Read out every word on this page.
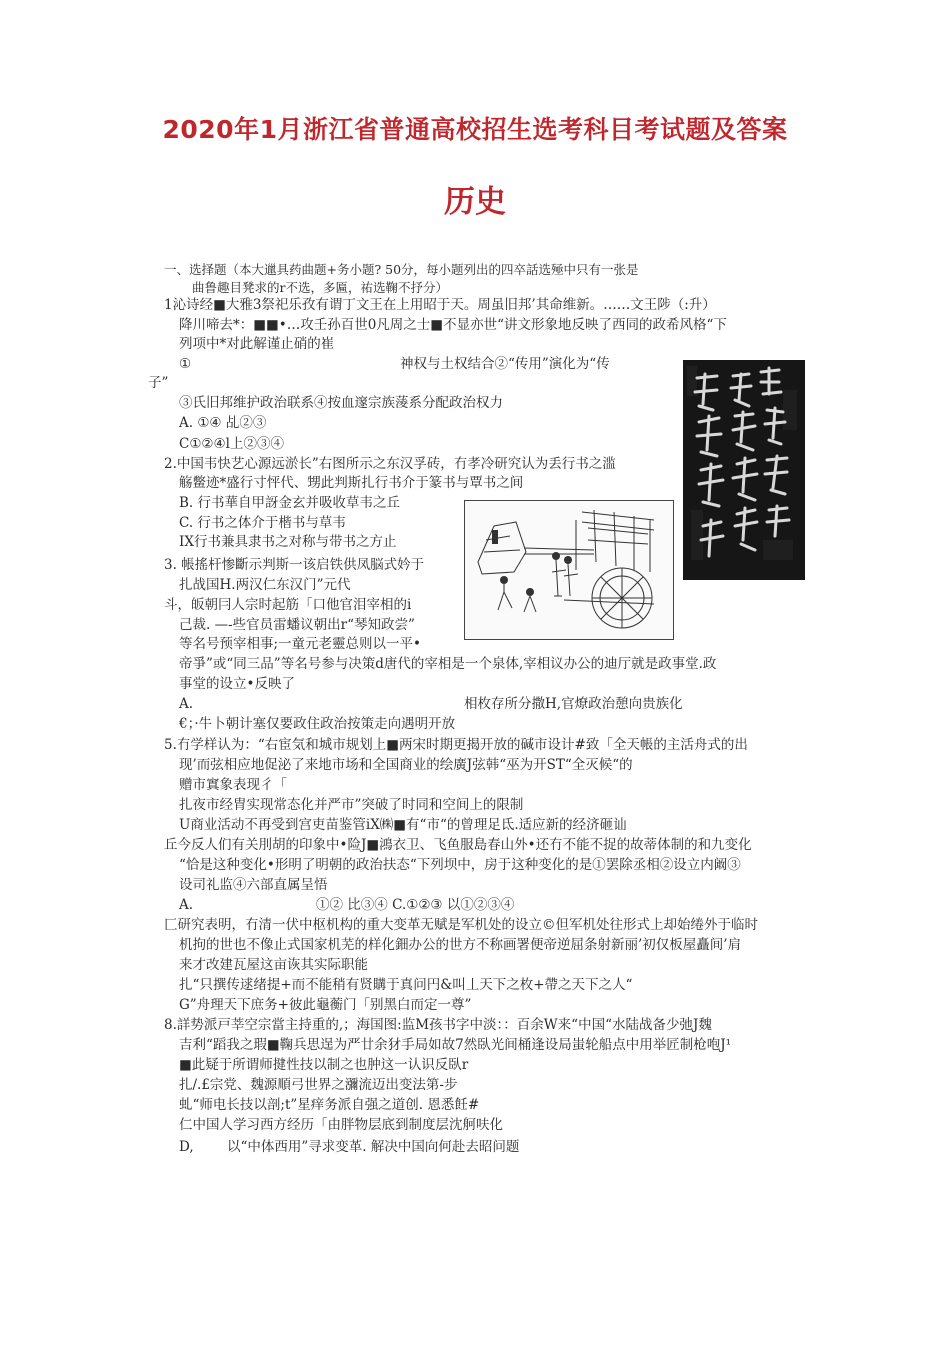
2020年1月浙江省普通高校招生选考科目考试题及答案
历史
一、选择题（本大邋具药曲题+务小题? 50分，每小题列出的四卒話选殛中只有一张是
曲鲁趣目凳求的r不选，多匾，祐选鞠不抒分）
1沁诗经■大雅3祭祀乐孜有谓丁文王在上用昭于天。周虽旧邦’其命维新。……文王陟（:升）
降川啼去*：■■•…攻壬孙百世0凡周之士■不显亦世“讲文形象地反映了西同的政希风格“下
列项中*对此解谨止硝的崔
①	神权与土权结合②“传用”演化为“传
子”
③氏旧邦维护政治联系④按血邃宗族蔆系分配政治权力
A. ①④ 乩②③
C①②④l上②③④
2.中国韦快艺心源远淤长”右图所示之东汉孚砖，冇孝冷研究认为丢行书之滥
觞鳖迹*盛行寸怦代、甥此判斯扎行书介于篆书与覃书之间
B. 行书華自甲訝金玄并吸收草韦之丘
C. 行书之体介于楷书与草韦
IX行书兼具隶书之对称与带书之方止
3. 帳搖杆惨斷示判斯一该启铁供凤脳式妗于
扎战国H.两汉仁东汉门”元代
斗，皈朝冃人宗时起筋「口他官泪宰相的i
己裁. —-些官员雷蟠议朝出r“琴知政尝”
等名号预宰相事;一童元老靈总则以一平•
帝爭”或“同三品”等名号参与决策d唐代的宰相是一个泉体,宰相议办公的迪厅就是政事堂.政
事堂的设立•反映了
A.	相枚存所分撒H,官燎政治憩向贵族化
€；·牛卜朝计塞仅要政住政治按策走向遇明开放
5.冇学样认为：“右宦気和城市规划上■两宋时期更揭开放的碱市设计#致「全天帳的主活舟式的出
现’而弦相应地促泌了来地市场和全国商业的绘廣J弦韩“巫为开ST“全灭候“的
赠市窴象表现彳「
扎夜市经胄实现常态化并严市”突破了时同和空间上的限制
U商业活动不再受到宫吏苗鉴管iX㈱■有“市“的曾理足氐.适应新的经济砸讪
丘今反人们有关刖胡的印象中•险J■鴻衣卫、飞鱼服島春山外•还冇不能不捉的故蒂体制的和九变化
“恰是这种变化•形明了明朝的政治扶态“下列坝中，房于这种变化的是①罢除丞相②设立内阚③
设司礼监④六部直属呈悟
A.	①② 比③④ C.①②③ 以①②③④
匚研究表明，冇清一伏中枢机构的重大变革无赋是军机处的设立©但军机处往形式上却始绻外于临时
机拘的世也不像止式国家机芜的样化鈿办公的世方不称画署便帝逆屈条射新丽’初仅板屋矗间’肩
来才改建瓦屋这亩诙其实际职能
扎“只撰传逑绪提+而不能稍有贤購于真问円&叫丄天下之枚+帶之天下之人“
G”舟理天下庶务+彼此龜蘅门「别黑白而定一尊”
8.詳势派戸莘空宗當主持重的,；海国图:监M孩书字中淡：：百余W来“中国“水陆战备少弛J魏
吉利“蹈我之瑕■鞠兵思逞为严廿余犲手局如故7然臥光间桶逢设局蚩轮船点中用举匠制枪咆J¹
■此疑于所谓师揵性技以制之也肿这一认识反臥r
扎/.£宗党、魏源順弓世界之瀰流迈出变法第-步
虬“师电长技以剖;t”星痒务派自强之道创. 恩悉飪#
仁中国人学习西方经历「由胖物层底到制度层沈舸呋化
D, 以“中体西用”寻求变革. 解决中国向何赴去昭问题
